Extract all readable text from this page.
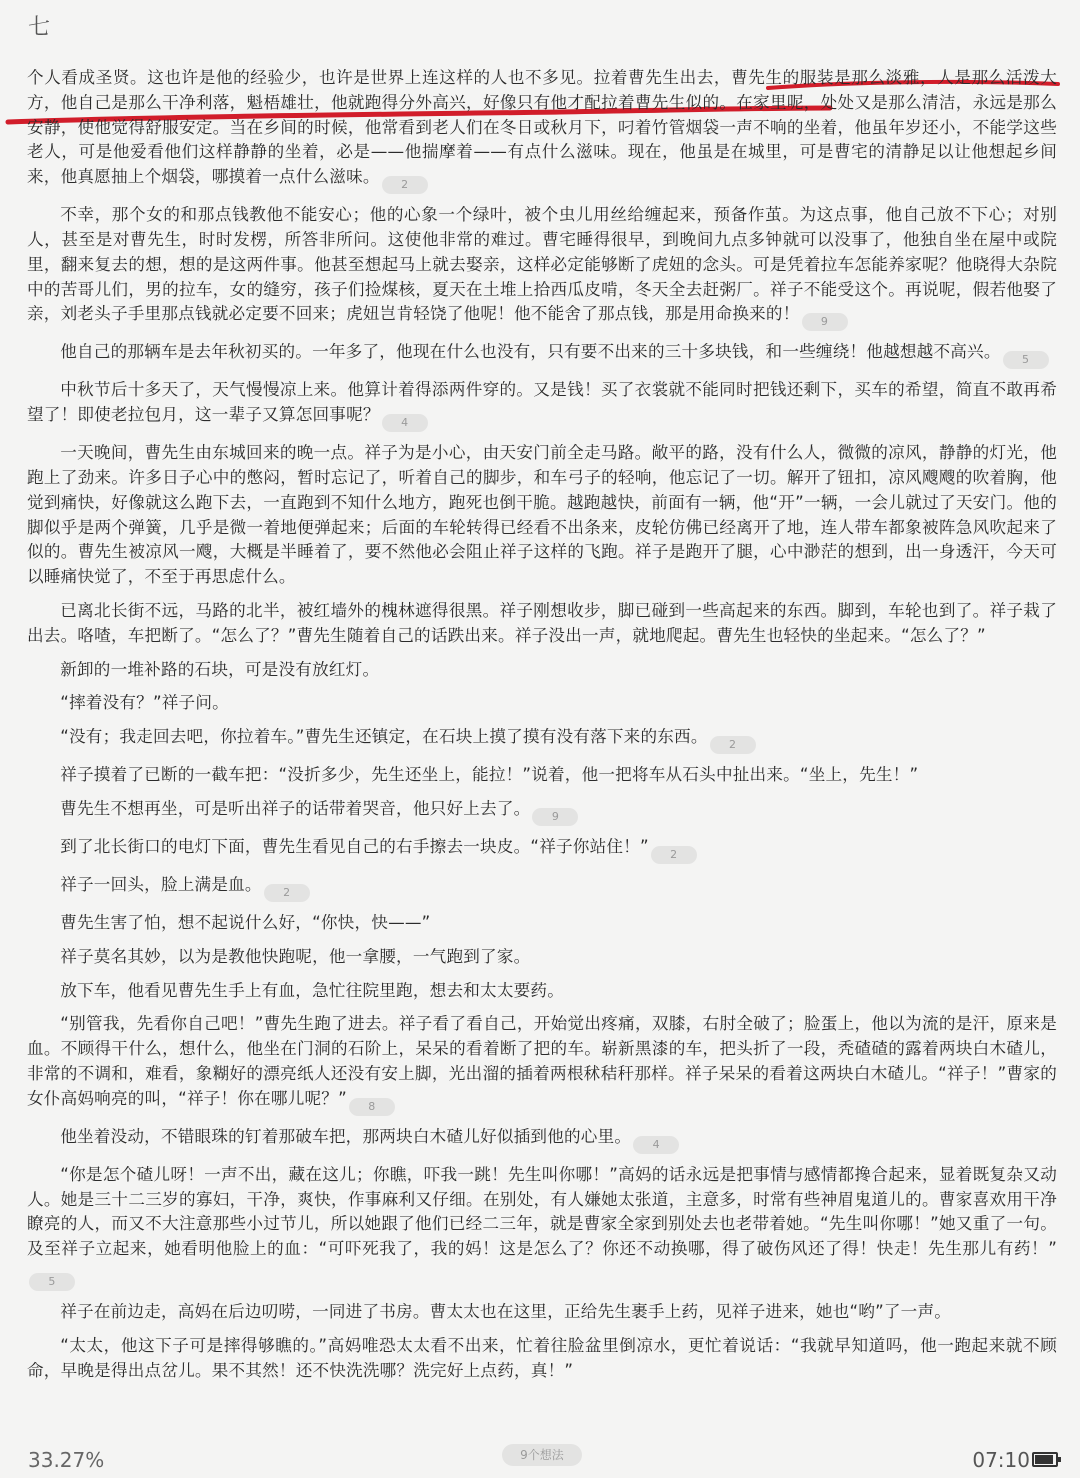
七

个人看成圣贤。这也许是他的经验少，也许是世界上连这样的人也不多见。拉着曹先生出去，曹先生的服装是那么淡雅，人是那么活泼大方，他自己是那么干净利落，魁梧雄壮，他就跑得分外高兴，好像只有他才配拉着曹先生似的。在家里呢，处处又是那么清洁，永远是那么安静，使他觉得舒服安定。当在乡间的时候，他常看到老人们在冬日或秋月下，叼着竹管烟袋一声不响的坐着，他虽年岁还小，不能学这些老人，可是他爱看他们这样静静的坐着，必是——他揣摩着——有点什么滋味。现在，他虽是在城里，可是曹宅的清静足以让他想起乡间来，他真愿抽上个烟袋，哪摸着一点什么滋味。 2

不幸，那个女的和那点钱教他不能安心；他的心象一个绿叶，被个虫儿用丝给缠起来，预备作茧。为这点事，他自己放不下心；对别人，甚至是对曹先生，时时发楞，所答非所问。这使他非常的难过。曹宅睡得很早，到晚间九点多钟就可以没事了，他独自坐在屋中或院里，翻来复去的想，想的是这两件事。他甚至想起马上就去娶亲，这样必定能够断了虎妞的念头。可是凭着拉车怎能养家呢？他晓得大杂院中的苦哥儿们，男的拉车，女的缝穷，孩子们捡煤核，夏天在土堆上拾西瓜皮啃，冬天全去赶粥厂。祥子不能受这个。再说呢，假若他娶了亲，刘老头子手里那点钱就必定要不回来；虎妞岂肯轻饶了他呢！他不能舍了那点钱，那是用命换来的！ 9

他自己的那辆车是去年秋初买的。一年多了，他现在什么也没有，只有要不出来的三十多块钱，和一些缠绕！他越想越不高兴。 5

中秋节后十多天了，天气慢慢凉上来。他算计着得添两件穿的。又是钱！买了衣裳就不能同时把钱还剩下，买车的希望，简直不敢再希望了！即使老拉包月，这一辈子又算怎回事呢？ 4

一天晚间，曹先生由东城回来的晚一点。祥子为是小心，由天安门前全走马路。敞平的路，没有什么人，微微的凉风，静静的灯光，他跑上了劲来。许多日子心中的憋闷，暂时忘记了，听着自己的脚步，和车弓子的轻响，他忘记了一切。解开了钮扣，凉风飕飕的吹着胸，他觉到痛快，好像就这么跑下去，一直跑到不知什么地方，跑死也倒干脆。越跑越快，前面有一辆，他“开”一辆，一会儿就过了天安门。他的脚似乎是两个弹簧，几乎是微一着地便弹起来；后面的车轮转得已经看不出条来，皮轮仿佛已经离开了地，连人带车都象被阵急风吹起来了似的。曹先生被凉风一飕，大概是半睡着了，要不然他必会阻止祥子这样的飞跑。祥子是跑开了腿，心中渺茫的想到，出一身透汗，今天可以睡痛快觉了，不至于再思虑什么。

已离北长街不远，马路的北半，被红墙外的槐林遮得很黑。祥子刚想收步，脚已碰到一些高起来的东西。脚到，车轮也到了。祥子栽了出去。咯喳，车把断了。“怎么了？”曹先生随着自己的话跌出来。祥子没出一声，就地爬起。曹先生也轻快的坐起来。“怎么了？”

新卸的一堆补路的石块，可是没有放红灯。

“摔着没有？”祥子问。

“没有；我走回去吧，你拉着车。”曹先生还镇定，在石块上摸了摸有没有落下来的东西。 2

祥子摸着了已断的一截车把：“没折多少，先生还坐上，能拉！”说着，他一把将车从石头中扯出来。“坐上，先生！”

曹先生不想再坐，可是听出祥子的话带着哭音，他只好上去了。 9

到了北长街口的电灯下面，曹先生看见自己的右手擦去一块皮。“祥子你站住！” 2

祥子一回头，脸上满是血。 2

曹先生害了怕，想不起说什么好，“你快，快——”

祥子莫名其妙，以为是教他快跑呢，他一拿腰，一气跑到了家。

放下车，他看见曹先生手上有血，急忙往院里跑，想去和太太要药。

“别管我，先看你自己吧！”曹先生跑了进去。祥子看了看自己，开始觉出疼痛，双膝，右肘全破了；脸蛋上，他以为流的是汗，原来是血。不顾得干什么，想什么，他坐在门洞的石阶上，呆呆的看着断了把的车。崭新黑漆的车，把头折了一段，秃碴碴的露着两块白木碴儿，非常的不调和，难看，象糊好的漂亮纸人还没有安上脚，光出溜的插着两根秫秸秆那样。祥子呆呆的看着这两块白木碴儿。“祥子！”曹家的女仆高妈响亮的叫，“祥子！你在哪儿呢？” 8

他坐着没动，不错眼珠的钉着那破车把，那两块白木碴儿好似插到他的心里。 4

“你是怎个碴儿呀！一声不出，藏在这儿；你瞧，吓我一跳！先生叫你哪！”高妈的话永远是把事情与感情都搀合起来，显着既复杂又动人。她是三十二三岁的寡妇，干净，爽快，作事麻利又仔细。在别处，有人嫌她太张道，主意多，时常有些神眉鬼道儿的。曹家喜欢用干净瞭亮的人，而又不大注意那些小过节儿，所以她跟了他们已经二三年，就是曹家全家到别处去也老带着她。“先生叫你哪！”她又重了一句。及至祥子立起来，她看明他脸上的血：“可吓死我了，我的妈！这是怎么了？你还不动换哪，得了破伤风还了得！快走！先生那儿有药！”5

祥子在前边走，高妈在后边叨唠，一同进了书房。曹太太也在这里，正给先生裹手上药，见祥子进来，她也“哟”了一声。

“太太，他这下子可是摔得够瞧的。”高妈唯恐太太看不出来，忙着往脸盆里倒凉水，更忙着说话：“我就早知道吗，他一跑起来就不顾命，早晚是得出点岔儿。果不其然！还不快洗洗哪？洗完好上点药，真！”

33.27%	9个想法	07:10
